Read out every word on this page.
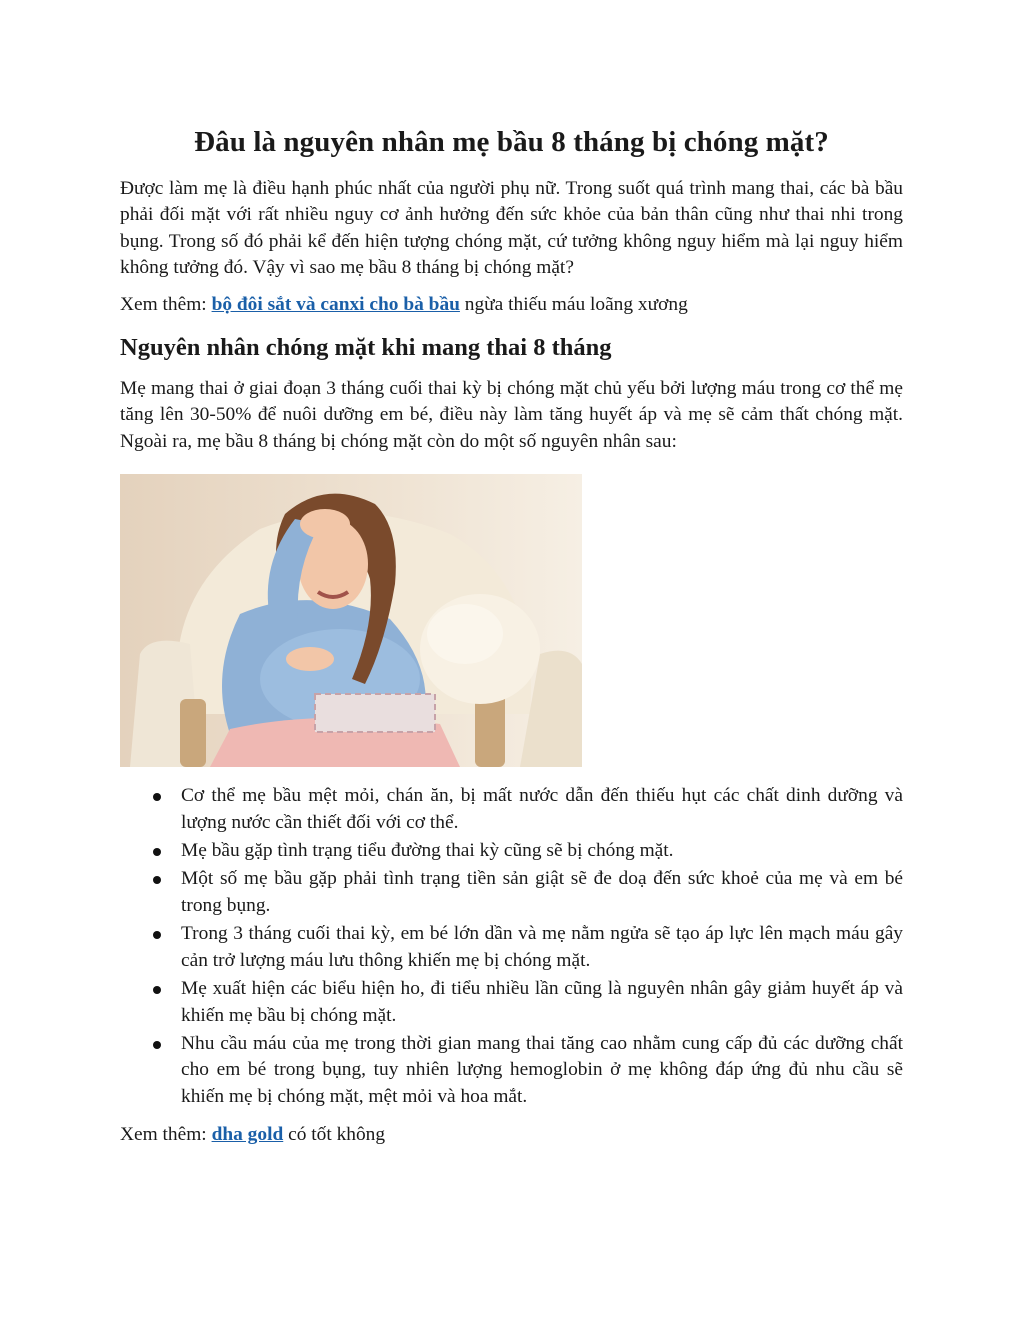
Đâu là nguyên nhân mẹ bầu 8 tháng bị chóng mặt?

Được làm mẹ là điều hạnh phúc nhất của người phụ nữ. Trong suốt quá trình mang thai, các bà bầu phải đối mặt với rất nhiều nguy cơ ảnh hưởng đến sức khỏe của bản thân cũng như thai nhi trong bụng. Trong số đó phải kể đến hiện tượng chóng mặt, cứ tưởng không nguy hiểm mà lại nguy hiểm không tưởng đó. Vậy vì sao mẹ bầu 8 tháng bị chóng mặt?

Xem thêm: bộ đôi sắt và canxi cho bà bầu ngừa thiếu máu loãng xương

Nguyên nhân chóng mặt khi mang thai 8 tháng

Mẹ mang thai ở giai đoạn 3 tháng cuối thai kỳ bị chóng mặt chủ yếu bởi lượng máu trong cơ thể mẹ tăng lên 30-50% để nuôi dưỡng em bé, điều này làm tăng huyết áp và mẹ sẽ cảm thất chóng mặt. Ngoài ra, mẹ bầu 8 tháng bị chóng mặt còn do một số nguyên nhân sau:

Cơ thể mẹ bầu mệt mỏi, chán ăn, bị mất nước dẫn đến thiếu hụt các chất dinh dưỡng và lượng nước cần thiết đối với cơ thể.
Mẹ bầu gặp tình trạng tiểu đường thai kỳ cũng sẽ bị chóng mặt.
Một số mẹ bầu gặp phải tình trạng tiền sản giật sẽ đe doạ đến sức khoẻ của mẹ và em bé trong bụng.
Trong 3 tháng cuối thai kỳ, em bé lớn dần và mẹ nằm ngửa sẽ tạo áp lực lên mạch máu gây cản trở lượng máu lưu thông khiến mẹ bị chóng mặt.
Mẹ xuất hiện các biểu hiện ho, đi tiểu nhiều lần cũng là nguyên nhân gây giảm huyết áp và khiến mẹ bầu bị chóng mặt.
Nhu cầu máu của mẹ trong thời gian mang thai tăng cao nhằm cung cấp đủ các dưỡng chất cho em bé trong bụng, tuy nhiên lượng hemoglobin ở mẹ không đáp ứng đủ nhu cầu sẽ khiến mẹ bị chóng mặt, mệt mỏi và hoa mắt.

Xem thêm: dha gold có tốt không
